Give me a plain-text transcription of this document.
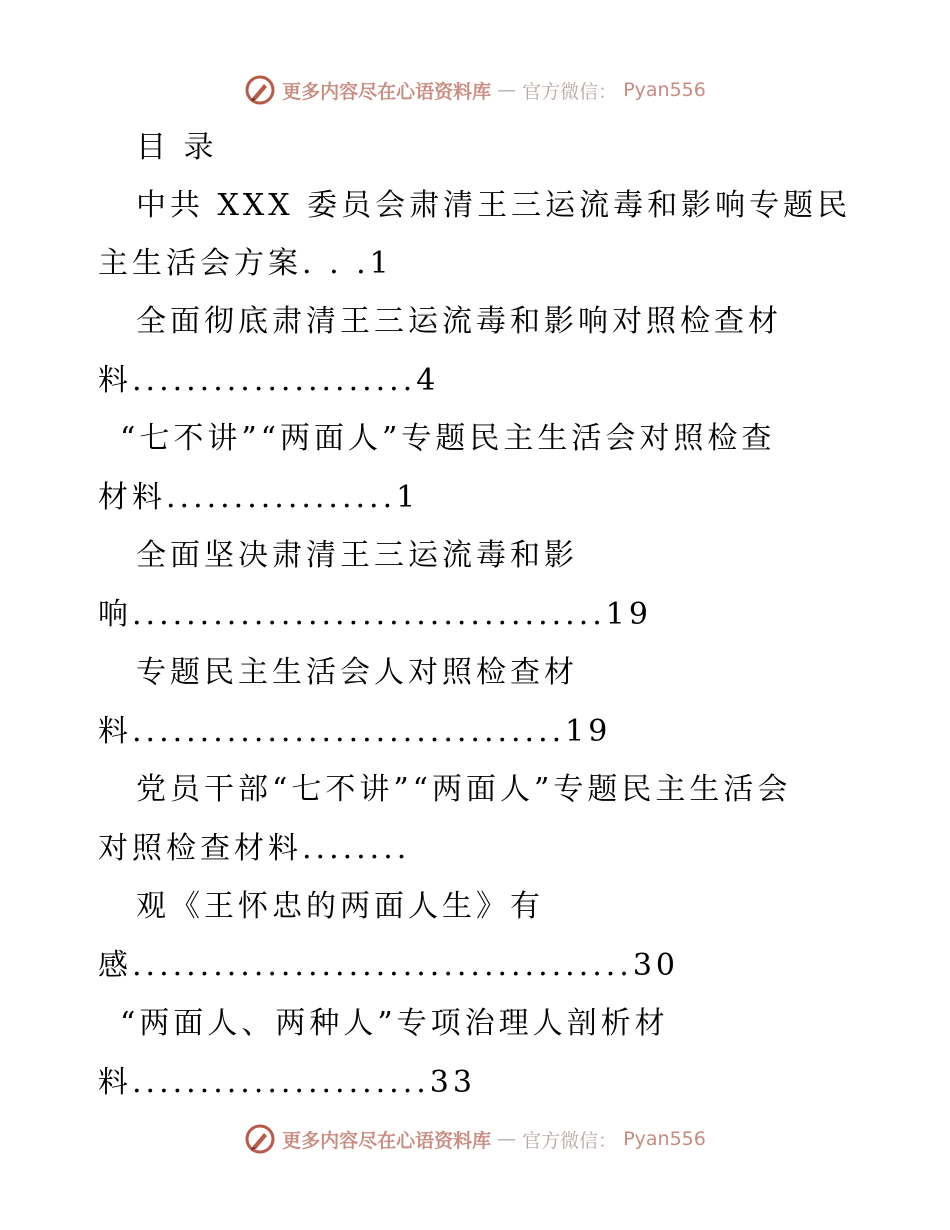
更多内容尽在心语资料库 — 官方微信： Pyan556
目 录
中共 XXX 委员会肃清王三运流毒和影响专题民
主生活会方案. . .1
全面彻底肃清王三运流毒和影响对照检查材
料.....................4
“七不讲”“两面人”专题民主生活会对照检查
材料.................1
全面坚决肃清王三运流毒和影
响...................................19
专题民主生活会人对照检查材
料................................19
党员干部“七不讲”“两面人”专题民主生活会
对照检查材料........
观《王怀忠的两面人生》有
感.....................................30
“两面人、两种人”专项治理人剖析材
料......................33
更多内容尽在心语资料库 — 官方微信： Pyan556
